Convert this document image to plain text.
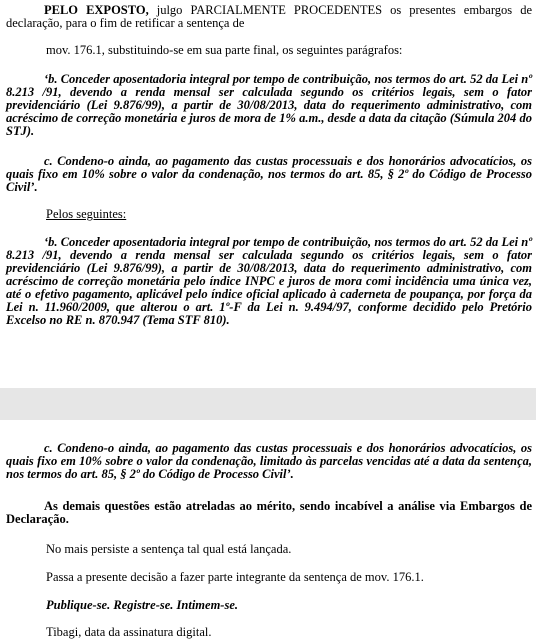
PELO EXPOSTO, julgo PARCIALMENTE PROCEDENTES os presentes embargos de declaração, para o fim de retificar a sentença de

mov. 176.1, substituindo-se em sua parte final, os seguintes parágrafos:

‘b. Conceder aposentadoria integral por tempo de contribuição, nos termos do art. 52 da Lei nº 8.213 /91, devendo a renda mensal ser calculada segundo os critérios legais, sem o fator previdenciário (Lei 9.876/99), a partir de 30/08/2013, data do requerimento administrativo, com acréscimo de correção monetária e juros de mora de 1% a.m., desde a data da citação (Súmula 204 do STJ).

c. Condeno-o ainda, ao pagamento das custas processuais e dos honorários advocatícios, os quais fixo em 10% sobre o valor da condenação, nos termos do art. 85, § 2º do Código de Processo Civil’.

Pelos seguintes:

‘b. Conceder aposentadoria integral por tempo de contribuição, nos termos do art. 52 da Lei nº 8.213 /91, devendo a renda mensal ser calculada segundo os critérios legais, sem o fator previdenciário (Lei 9.876/99), a partir de 30/08/2013, data do requerimento administrativo, com acréscimo de correção monetária pelo índice INPC e juros de mora comi incidência uma única vez, até o efetivo pagamento, aplicável pelo índice oficial aplicado à caderneta de poupança, por força da Lei n. 11.960/2009, que alterou o art. 1º-F da Lei n. 9.494/97, conforme decidido pelo Pretório Excelso no RE n. 870.947 (Tema STF 810).

c. Condeno-o ainda, ao pagamento das custas processuais e dos honorários advocatícios, os quais fixo em 10% sobre o valor da condenação, limitado às parcelas vencidas até a data da sentença, nos termos do art. 85, § 2º do Código de Processo Civil’.

As demais questões estão atreladas ao mérito, sendo incabível a análise via Embargos de Declaração.

No mais persiste a sentença tal qual está lançada.

Passa a presente decisão a fazer parte integrante da sentença de mov. 176.1.

Publique-se. Registre-se. Intimem-se.

Tibagi, data da assinatura digital.
